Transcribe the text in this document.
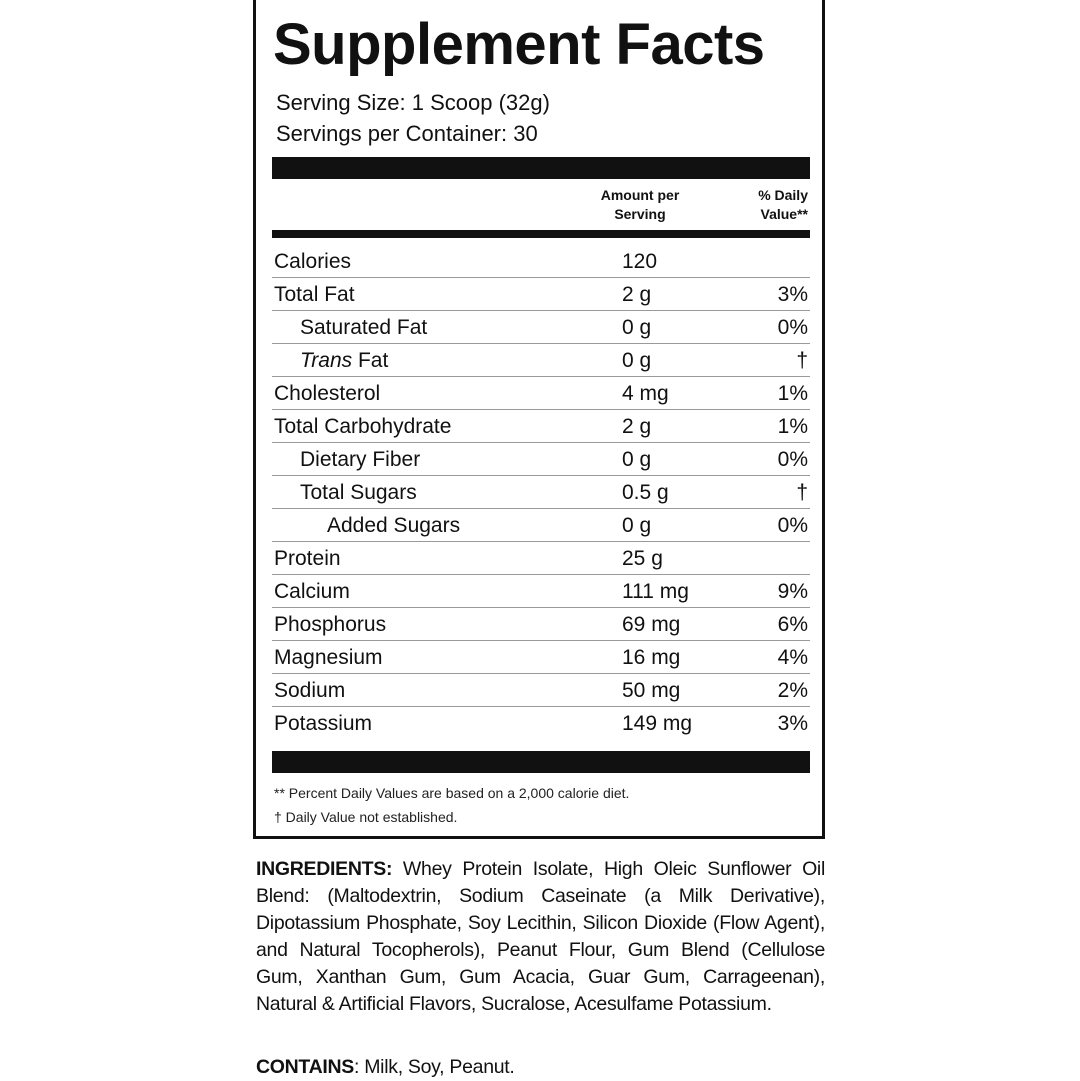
Supplement Facts
Serving Size: 1 Scoop (32g)
Servings per Container: 30
Amount per
Serving
% Daily
Value**
Calories	120
Total Fat	2 g	3%
Saturated Fat	0 g	0%
Trans Fat	0 g	†
Cholesterol	4 mg	1%
Total Carbohydrate	2 g	1%
Dietary Fiber	0 g	0%
Total Sugars	0.5 g	†
Added Sugars	0 g	0%
Protein	25 g
Calcium	111 mg	9%
Phosphorus	69 mg	6%
Magnesium	16 mg	4%
Sodium	50 mg	2%
Potassium	149 mg	3%
** Percent Daily Values are based on a 2,000 calorie diet.
† Daily Value not established.
INGREDIENTS: Whey Protein Isolate, High Oleic Sunflower Oil Blend: (Maltodextrin, Sodium Caseinate (a Milk Derivative), Dipotassium Phosphate, Soy Lecithin, Silicon Dioxide (Flow Agent), and Natural Tocopherols), Peanut Flour, Gum Blend (Cellulose Gum, Xanthan Gum, Gum Acacia, Guar Gum, Carrageenan), Natural & Artificial Flavors, Sucralose, Acesulfame Potassium.
CONTAINS: Milk, Soy, Peanut.
